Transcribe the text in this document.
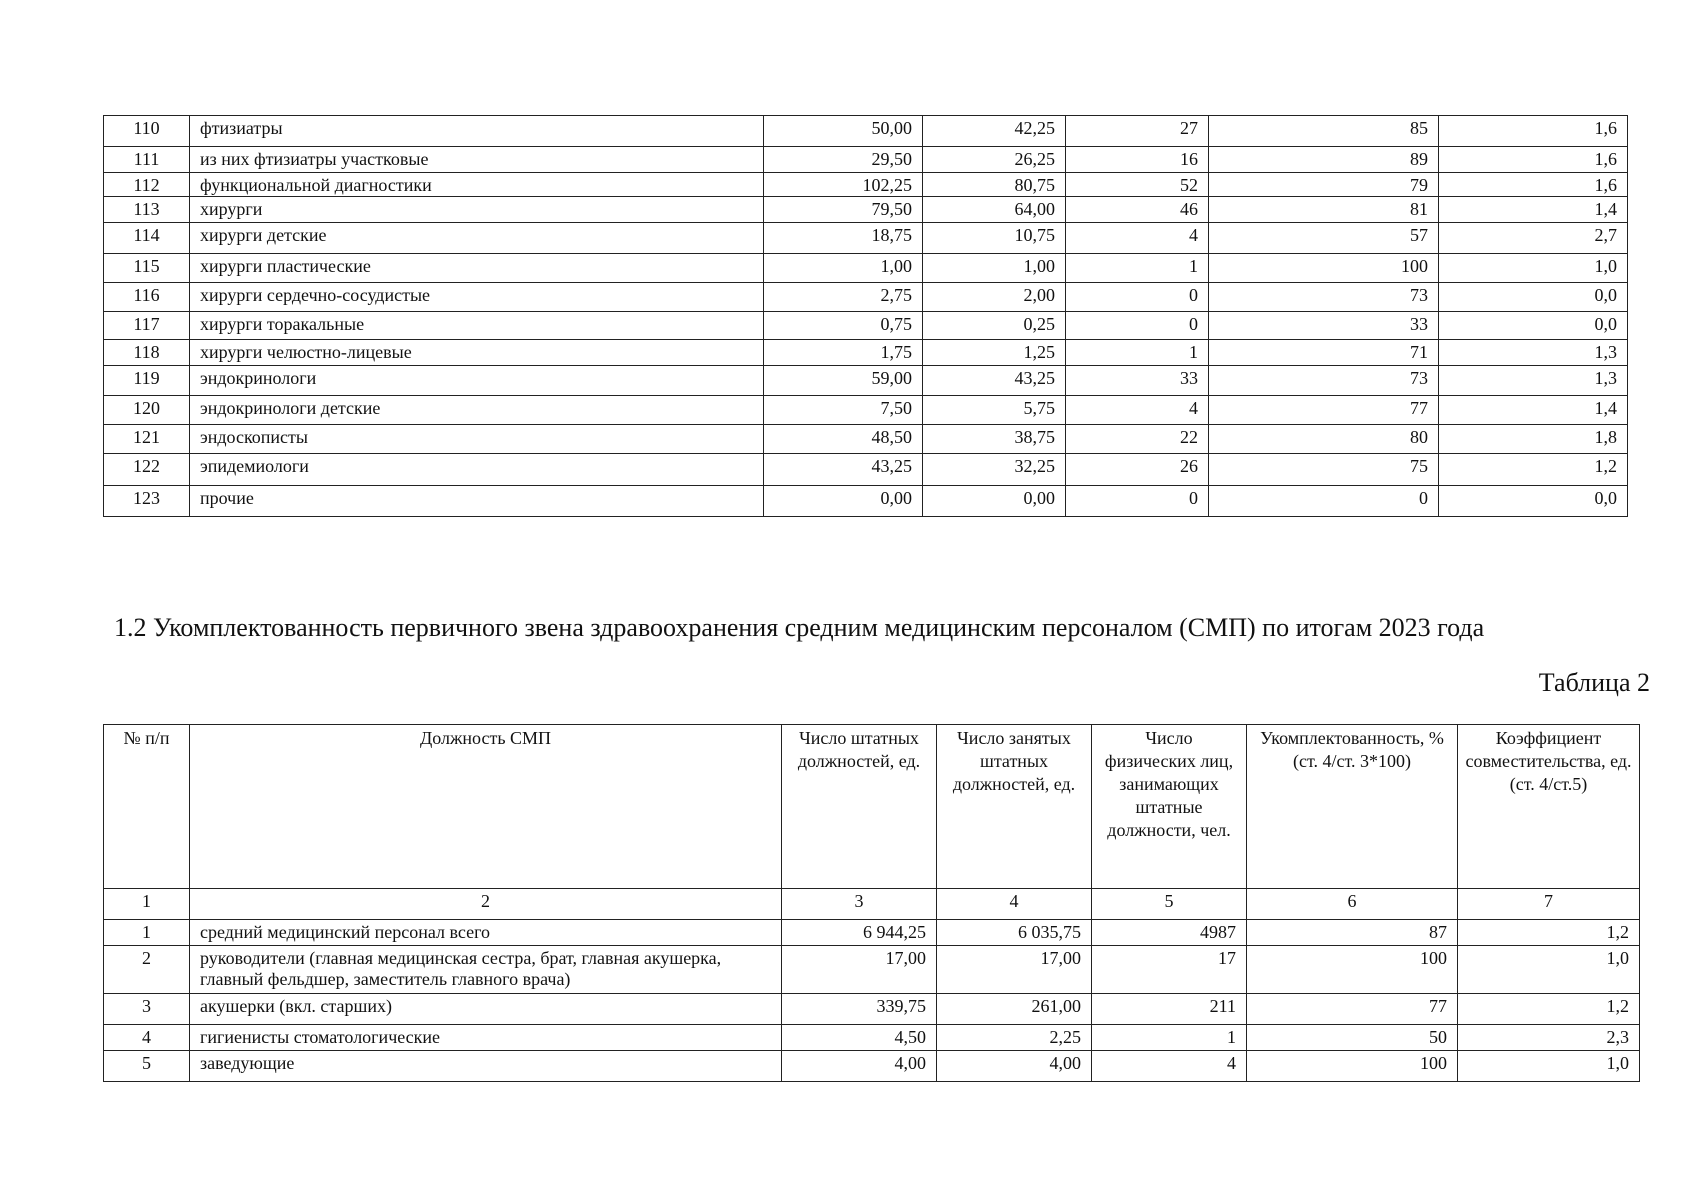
110	фтизиатры	50,00	42,25	27	85	1,6
111	из них фтизиатры участковые	29,50	26,25	16	89	1,6
112	функциональной диагностики	102,25	80,75	52	79	1,6
113	хирурги	79,50	64,00	46	81	1,4
114	хирурги детские	18,75	10,75	4	57	2,7
115	хирурги пластические	1,00	1,00	1	100	1,0
116	хирурги сердечно-сосудистые	2,75	2,00	0	73	0,0
117	хирурги торакальные	0,75	0,25	0	33	0,0
118	хирурги челюстно-лицевые	1,75	1,25	1	71	1,3
119	эндокринологи	59,00	43,25	33	73	1,3
120	эндокринологи детские	7,50	5,75	4	77	1,4
121	эндоскописты	48,50	38,75	22	80	1,8
122	эпидемиологи	43,25	32,25	26	75	1,2
123	прочие	0,00	0,00	0	0	0,0
1.2 Укомплектованность первичного звена здравоохранения средним медицинским персоналом (СМП) по итогам 2023 года
Таблица 2
№ п/п	Должность СМП	Число штатных должностей, ед.	Число занятых штатных должностей, ед.	Число физических лиц, занимающих штатные должности, чел.	Укомплектованность, % (ст. 4/ст. 3*100)	Коэффициент совместительства, ед. (ст. 4/ст.5)
1	2	3	4	5	6	7
1	средний медицинский персонал всего	6 944,25	6 035,75	4987	87	1,2
2	руководители (главная медицинская сестра, брат, главная акушерка, главный фельдшер, заместитель главного врача)	17,00	17,00	17	100	1,0
3	акушерки (вкл. старших)	339,75	261,00	211	77	1,2
4	гигиенисты стоматологические	4,50	2,25	1	50	2,3
5	заведующие	4,00	4,00	4	100	1,0
